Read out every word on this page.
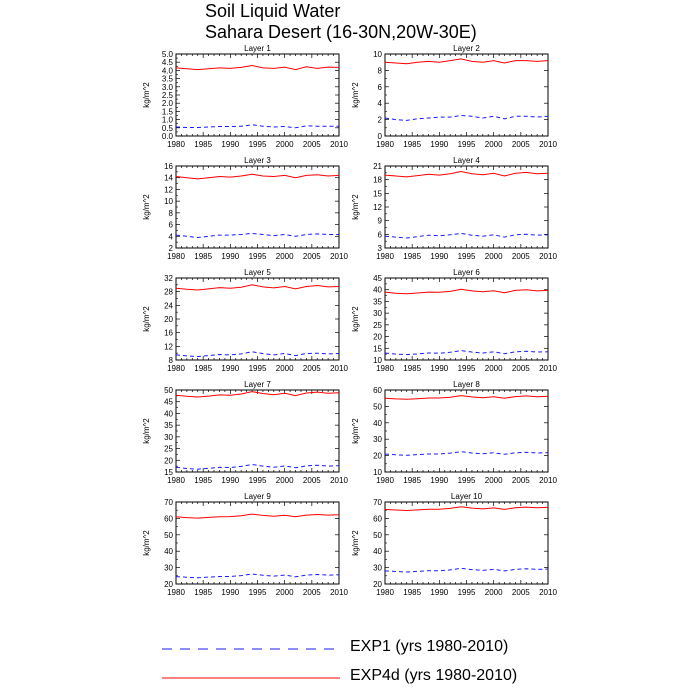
Soil Liquid Water
Sahara Desert (16-30N,20W-30E)
Layer 1
1980 1985 1990 1995 2000 2005 2010
0.0
0.5
1.0
1.5
2.0
2.5
3.0
3.5
4.0
4.5
5.0
kg/m^2
Layer 2
1980 1985 1990 1995 2000 2005 2010
0
2
4
6
8
10
kg/m^2
Layer 3
1980 1985 1990 1995 2000 2005 2010
2
4
6
8
10
12
14
16
kg/m^2
Layer 4
1980 1985 1990 1995 2000 2005 2010
3
6
9
12
15
18
21
kg/m^2
Layer 5
1980 1985 1990 1995 2000 2005 2010
8
12
16
20
24
28
32
kg/m^2
Layer 6
1980 1985 1990 1995 2000 2005 2010
10
15
20
25
30
35
40
45
kg/m^2
Layer 7
1980 1985 1990 1995 2000 2005 2010
15
20
25
30
35
40
45
50
kg/m^2
Layer 8
1980 1985 1990 1995 2000 2005 2010
10
20
30
40
50
60
kg/m^2
Layer 9
1980 1985 1990 1995 2000 2005 2010
20
30
40
50
60
70
kg/m^2
Layer 10
1980 1985 1990 1995 2000 2005 2010
20
30
40
50
60
70
kg/m^2
EXP1 (yrs 1980-2010)
EXP4d (yrs 1980-2010)
